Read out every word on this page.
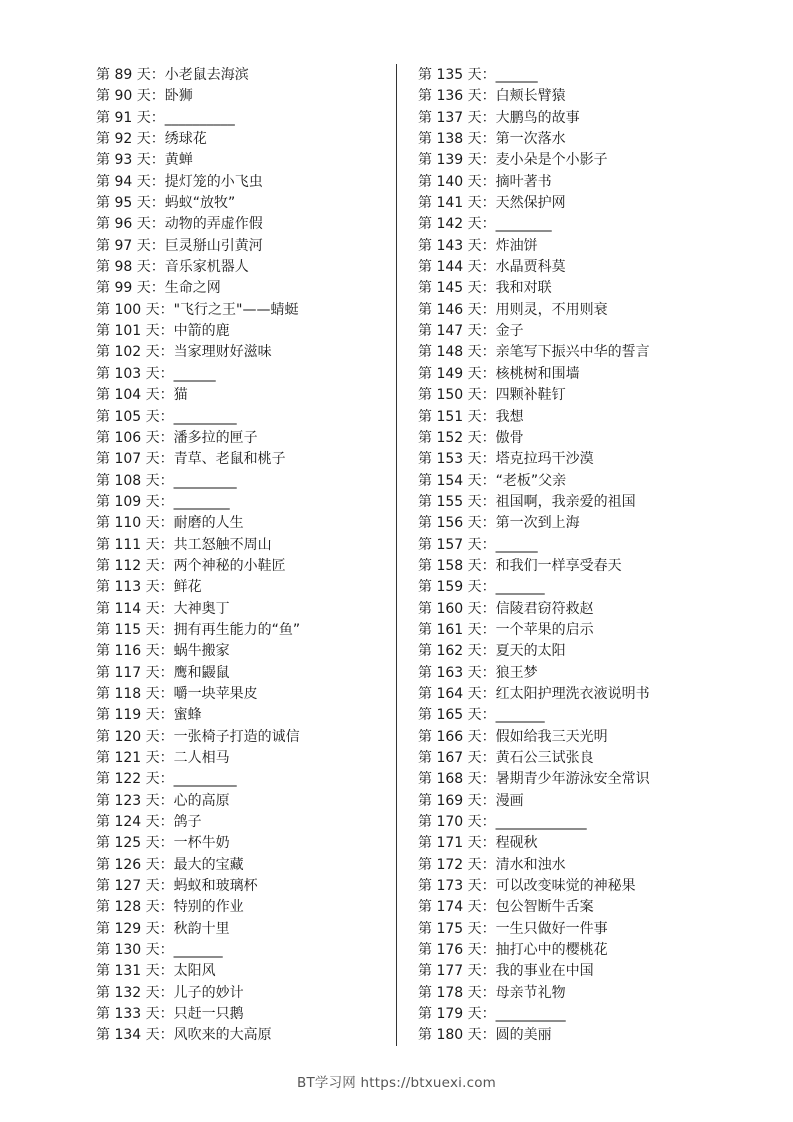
第 89 天：小老鼠去海滨
第 90 天：卧狮
第 91 天：__________
第 92 天：绣球花
第 93 天：黄蝉
第 94 天：提灯笼的小飞虫
第 95 天：蚂蚁“放牧”
第 96 天：动物的弄虚作假
第 97 天：巨灵掰山引黄河
第 98 天：音乐家机器人
第 99 天：生命之网
第 100 天："飞行之王"——蜻蜓
第 101 天：中箭的鹿
第 102 天：当家理财好滋味
第 103 天：______
第 104 天：猫
第 105 天：_________
第 106 天：潘多拉的匣子
第 107 天：青草、老鼠和桃子
第 108 天：_________
第 109 天：________
第 110 天：耐磨的人生
第 111 天：共工怒触不周山
第 112 天：两个神秘的小鞋匠
第 113 天：鲜花
第 114 天：大神奥丁
第 115 天：拥有再生能力的“鱼”
第 116 天：蜗牛搬家
第 117 天：鹰和鼹鼠
第 118 天：嚼一块苹果皮
第 119 天：蜜蜂
第 120 天：一张椅子打造的诚信
第 121 天：二人相马
第 122 天：_________
第 123 天：心的高原
第 124 天：鸽子
第 125 天：一杯牛奶
第 126 天：最大的宝藏
第 127 天：蚂蚁和玻璃杯
第 128 天：特别的作业
第 129 天：秋韵十里
第 130 天：_______
第 131 天：太阳风
第 132 天：儿子的妙计
第 133 天：只赶一只鹅
第 134 天：风吹来的大高原
第 135 天：______
第 136 天：白颊长臂猿
第 137 天：大鹏鸟的故事
第 138 天：第一次落水
第 139 天：麦小朵是个小影子
第 140 天：摘叶著书
第 141 天：天然保护网
第 142 天：________
第 143 天：炸油饼
第 144 天：水晶贾科莫
第 145 天：我和对联
第 146 天：用则灵，不用则衰
第 147 天：金子
第 148 天：亲笔写下振兴中华的誓言
第 149 天：核桃树和围墙
第 150 天：四颗补鞋钉
第 151 天：我想
第 152 天：傲骨
第 153 天：塔克拉玛干沙漠
第 154 天：“老板”父亲
第 155 天：祖国啊，我亲爱的祖国
第 156 天：第一次到上海
第 157 天：______
第 158 天：和我们一样享受春天
第 159 天：_______
第 160 天：信陵君窃符救赵
第 161 天：一个苹果的启示
第 162 天：夏天的太阳
第 163 天：狼王梦
第 164 天：红太阳护理洗衣液说明书
第 165 天：_______
第 166 天：假如给我三天光明
第 167 天：黄石公三试张良
第 168 天：暑期青少年游泳安全常识
第 169 天：漫画
第 170 天：_____________
第 171 天：程砚秋
第 172 天：清水和浊水
第 173 天：可以改变味觉的神秘果
第 174 天：包公智断牛舌案
第 175 天：一生只做好一件事
第 176 天：抽打心中的樱桃花
第 177 天：我的事业在中国
第 178 天：母亲节礼物
第 179 天：__________
第 180 天：圆的美丽
BT学习网 https://btxuexi.com
